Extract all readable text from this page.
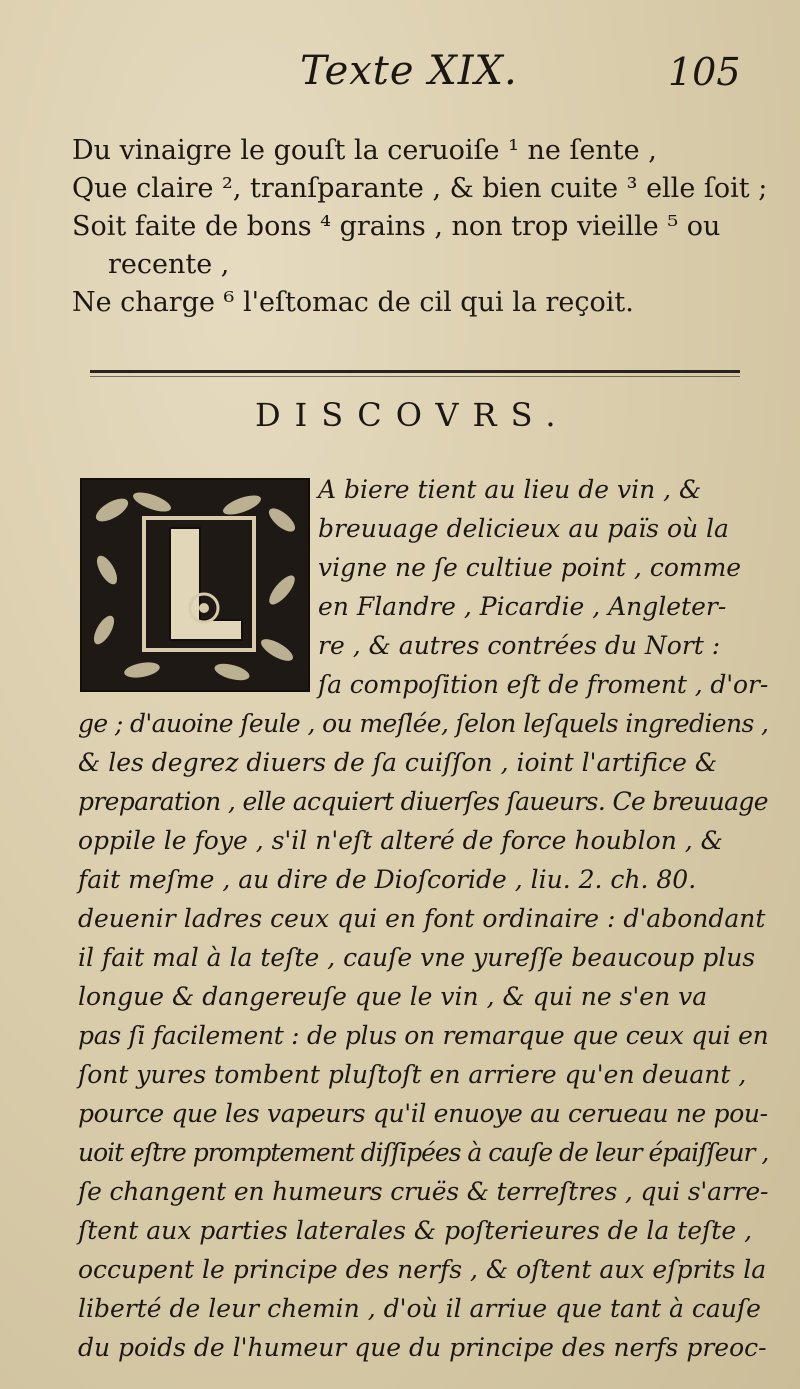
Texte XIX.	105
Du vinaigre le gouſt la ceruoiſe ¹ ne ſente ,
Que claire ², tranſparante , & bien cuite ³ elle ſoit ;
Soit faite de bons ⁴ grains , non trop vieille ⁵ ou
recente ,
Ne charge ⁶ l'eſtomac de cil qui la reçoit.
DISCOVRS.
A biere tient au lieu de vin , &
breuuage delicieux au païs où la
vigne ne ſe cultiue point , comme
en Flandre , Picardie , Angleter-
re , & autres contrées du Nort :
ſa compoſition eſt de froment , d'or-
ge ; d'auoine ſeule , ou meſlée, ſelon leſquels ingrediens ,
& les degrez diuers de ſa cuiſſon , ioint l'artifice &
preparation , elle acquiert diuerſes ſaueurs. Ce breuuage
oppile le foye , s'il n'eſt alteré de force houblon , &
fait meſme , au dire de Dioſcoride , liu. 2. ch. 80.
deuenir ladres ceux qui en font ordinaire : d'abondant
il fait mal à la teſte , cauſe vne yureſſe beaucoup plus
longue & dangereuſe que le vin , & qui ne s'en va
pas ſi facilement : de plus on remarque que ceux qui en
ſont yures tombent pluſtoſt en arriere qu'en deuant ,
pource que les vapeurs qu'il enuoye au cerueau ne pou-
uoit eſtre promptement diſſipées à cauſe de leur épaiſſeur ,
ſe changent en humeurs cruës & terreſtres , qui s'arre-
ſtent aux parties laterales & poſterieures de la teſte ,
occupent le principe des nerfs , & oſtent aux eſprits la
liberté de leur chemin , d'où il arriue que tant à cauſe
du poids de l'humeur que du principe des nerfs preoc-
